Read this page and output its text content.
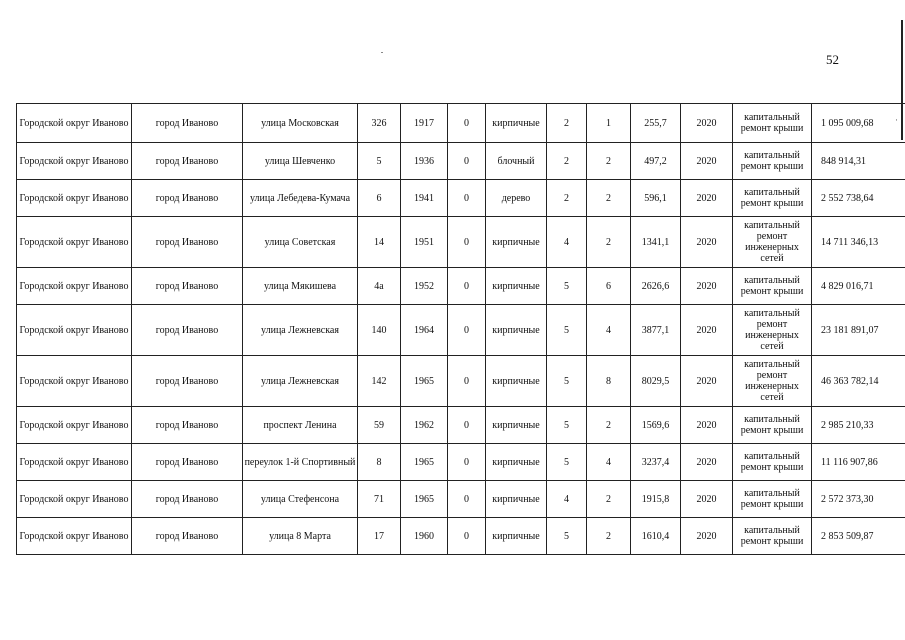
52
·
Городской округ Иваново	город Иваново	улица Московская	326	1917	0	кирпичные	2	1	255,7	2020	капитальный ремонт крыши	1 095 009,68
Городской округ Иваново	город Иваново	улица Шевченко	5	1936	0	блочный	2	2	497,2	2020	капитальный ремонт крыши	848 914,31
Городской округ Иваново	город Иваново	улица Лебедева-Кумача	6	1941	0	дерево	2	2	596,1	2020	капитальный ремонт крыши	2 552 738,64
Городской округ Иваново	город Иваново	улица Советская	14	1951	0	кирпичные	4	2	1341,1	2020	капитальный ремонт инженерных сетей	14 711 346,13
Городской округ Иваново	город Иваново	улица Мякишева	4а	1952	0	кирпичные	5	6	2626,6	2020	капитальный ремонт крыши	4 829 016,71
Городской округ Иваново	город Иваново	улица Лежневская	140	1964	0	кирпичные	5	4	3877,1	2020	капитальный ремонт инженерных сетей	23 181 891,07
Городской округ Иваново	город Иваново	улица Лежневская	142	1965	0	кирпичные	5	8	8029,5	2020	капитальный ремонт инженерных сетей	46 363 782,14
Городской округ Иваново	город Иваново	проспект Ленина	59	1962	0	кирпичные	5	2	1569,6	2020	капитальный ремонт крыши	2 985 210,33
Городской округ Иваново	город Иваново	переулок 1-й Спортивный	8	1965	0	кирпичные	5	4	3237,4	2020	капитальный ремонт крыши	11 116 907,86
Городской округ Иваново	город Иваново	улица Стефенсона	71	1965	0	кирпичные	4	2	1915,8	2020	капитальный ремонт крыши	2 572 373,30
Городской округ Иваново	город Иваново	улица 8 Марта	17	1960	0	кирпичные	5	2	1610,4	2020	капитальный ремонт крыши	2 853 509,87
